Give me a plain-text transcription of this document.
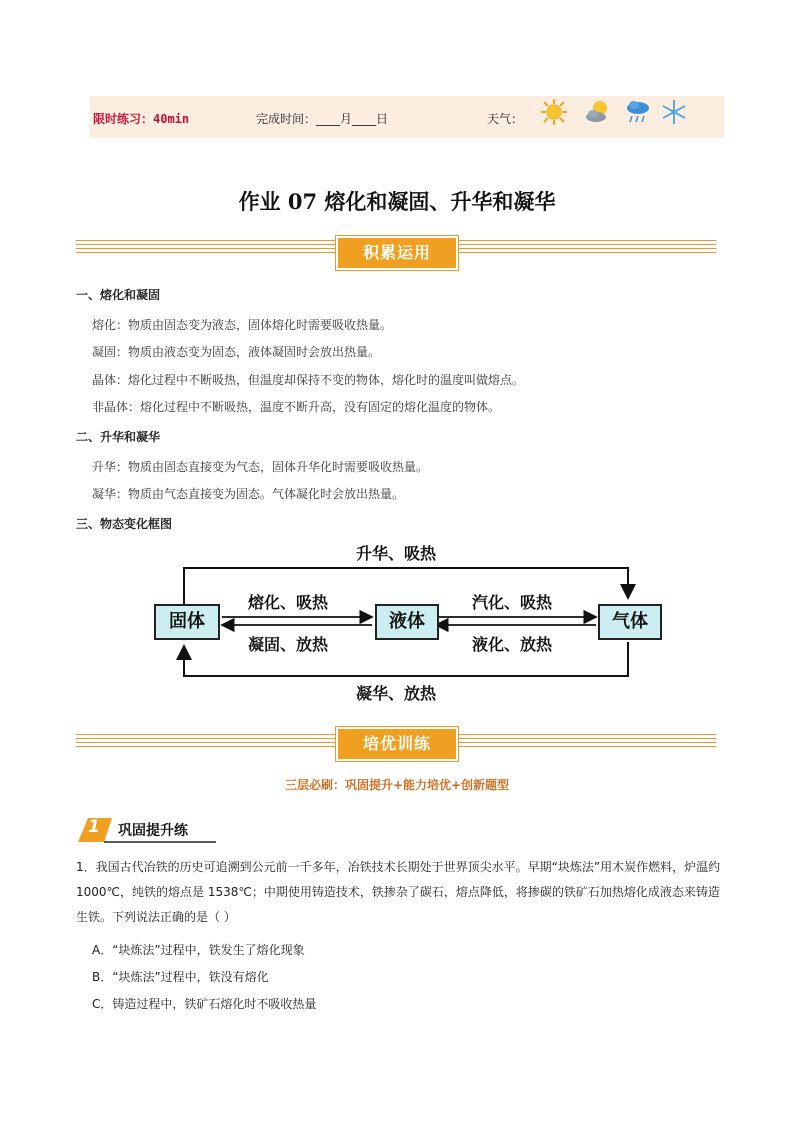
限时练习：40min	完成时间：____月____日	天气：
作业 07 熔化和凝固、升华和凝华
积累运用
一、熔化和凝固
熔化：物质由固态变为液态，固体熔化时需要吸收热量。
凝固：物质由液态变为固态，液体凝固时会放出热量。
晶体：熔化过程中不断吸热，但温度却保持不变的物体，熔化时的温度叫做熔点。
非晶体：熔化过程中不断吸热，温度不断升高，没有固定的熔化温度的物体。
二、升华和凝华
升华：物质由固态直接变为气态，固体升华化时需要吸收热量。
凝华：物质由气态直接变为固态。气体凝化时会放出热量。
三、物态变化框图
固体	液体	气体
升华、吸热
熔化、吸热
凝固、放热
汽化、吸热
液化、放热
凝华、放热
培优训练
三层必刷：巩固提升+能力培优+创新题型
1 巩固提升练
1．我国古代冶铁的历史可追溯到公元前一千多年，冶铁技术长期处于世界顶尖水平。早期“块炼法”用木炭作燃料，炉温约 1000℃，纯铁的熔点是 1538℃；中期使用铸造技术，铁掺杂了碳石，熔点降低，将掺碳的铁矿石加热熔化成液态来铸造生铁。下列说法正确的是（ ）
A．“块炼法”过程中，铁发生了熔化现象
B．“块炼法”过程中，铁没有熔化
C．铸造过程中，铁矿石熔化时不吸收热量
